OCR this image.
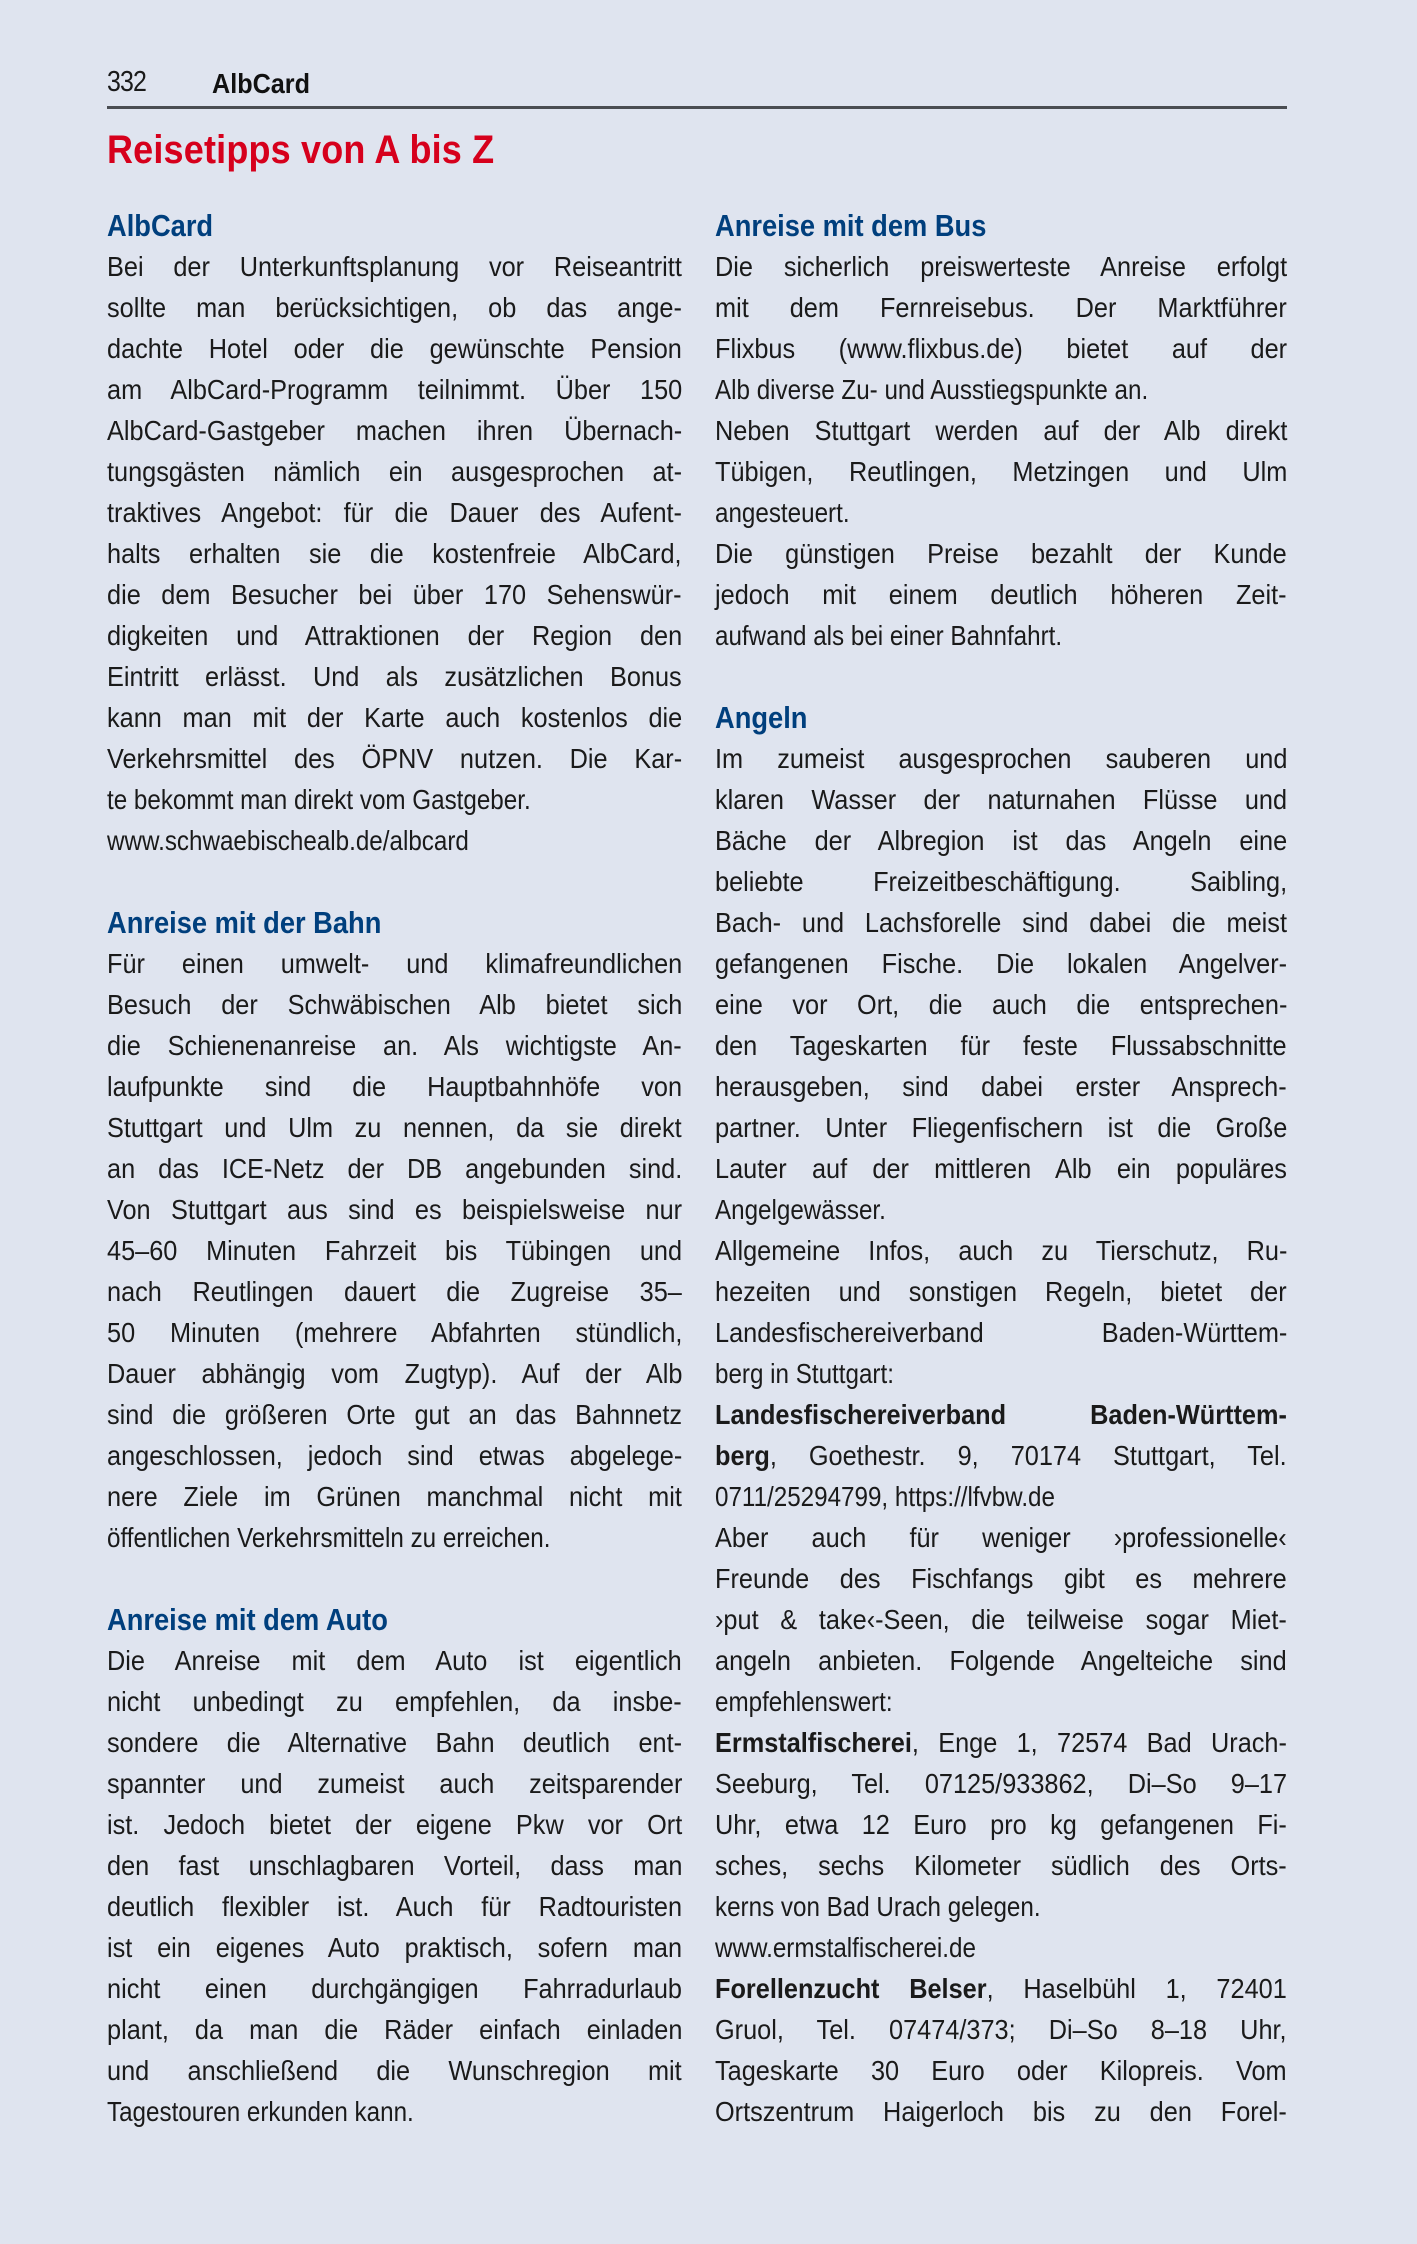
332 AlbCard
Reisetipps von A bis Z
AlbCard
Bei der Unterkunftsplanung vor Reiseantritt
sollte man berücksichtigen, ob das ange-
dachte Hotel oder die gewünschte Pension
am AlbCard-Programm teilnimmt. Über 150
AlbCard-Gastgeber machen ihren Übernach-
tungsgästen nämlich ein ausgesprochen at-
traktives Angebot: für die Dauer des Aufent-
halts erhalten sie die kostenfreie AlbCard,
die dem Besucher bei über 170 Sehenswür-
digkeiten und Attraktionen der Region den
Eintritt erlässt. Und als zusätzlichen Bonus
kann man mit der Karte auch kostenlos die
Verkehrsmittel des ÖPNV nutzen. Die Kar-
te bekommt man direkt vom Gastgeber.
www.schwaebischealb.de/albcard
Anreise mit der Bahn
Für einen umwelt- und klimafreundlichen
Besuch der Schwäbischen Alb bietet sich
die Schienenanreise an. Als wichtigste An-
laufpunkte sind die Hauptbahnhöfe von
Stuttgart und Ulm zu nennen, da sie direkt
an das ICE-Netz der DB angebunden sind.
Von Stuttgart aus sind es beispielsweise nur
45–60 Minuten Fahrzeit bis Tübingen und
nach Reutlingen dauert die Zugreise 35–
50 Minuten (mehrere Abfahrten stündlich,
Dauer abhängig vom Zugtyp). Auf der Alb
sind die größeren Orte gut an das Bahnnetz
angeschlossen, jedoch sind etwas abgelege-
nere Ziele im Grünen manchmal nicht mit
öffentlichen Verkehrsmitteln zu erreichen.
Anreise mit dem Auto
Die Anreise mit dem Auto ist eigentlich
nicht unbedingt zu empfehlen, da insbe-
sondere die Alternative Bahn deutlich ent-
spannter und zumeist auch zeitsparender
ist. Jedoch bietet der eigene Pkw vor Ort
den fast unschlagbaren Vorteil, dass man
deutlich flexibler ist. Auch für Radtouristen
ist ein eigenes Auto praktisch, sofern man
nicht einen durchgängigen Fahrradurlaub
plant, da man die Räder einfach einladen
und anschließend die Wunschregion mit
Tagestouren erkunden kann.
Anreise mit dem Bus
Die sicherlich preiswerteste Anreise erfolgt
mit dem Fernreisebus. Der Marktführer
Flixbus (www.flixbus.de) bietet auf der
Alb diverse Zu- und Ausstiegspunkte an.
Neben Stuttgart werden auf der Alb direkt
Tübigen, Reutlingen, Metzingen und Ulm
angesteuert.
Die günstigen Preise bezahlt der Kunde
jedoch mit einem deutlich höheren Zeit-
aufwand als bei einer Bahnfahrt.
Angeln
Im zumeist ausgesprochen sauberen und
klaren Wasser der naturnahen Flüsse und
Bäche der Albregion ist das Angeln eine
beliebte Freizeitbeschäftigung. Saibling,
Bach- und Lachsforelle sind dabei die meist
gefangenen Fische. Die lokalen Angelver-
eine vor Ort, die auch die entsprechen-
den Tageskarten für feste Flussabschnitte
herausgeben, sind dabei erster Ansprech-
partner. Unter Fliegenfischern ist die Große
Lauter auf der mittleren Alb ein populäres
Angelgewässer.
Allgemeine Infos, auch zu Tierschutz, Ru-
hezeiten und sonstigen Regeln, bietet der
Landesfischereiverband Baden-Württem-
berg in Stuttgart:
Landesfischereiverband Baden-Württem-
berg, Goethestr. 9, 70174 Stuttgart, Tel.
0711/25294799, https://lfvbw.de
Aber auch für weniger ›professionelle‹
Freunde des Fischfangs gibt es mehrere
›put & take‹-Seen, die teilweise sogar Miet-
angeln anbieten. Folgende Angelteiche sind
empfehlenswert:
Ermstalfischerei, Enge 1, 72574 Bad Urach-
Seeburg, Tel. 07125/933862, Di–So 9–17
Uhr, etwa 12 Euro pro kg gefangenen Fi-
sches, sechs Kilometer südlich des Orts-
kerns von Bad Urach gelegen.
www.ermstalfischerei.de
Forellenzucht Belser, Haselbühl 1, 72401
Gruol, Tel. 07474/373; Di–So 8–18 Uhr,
Tageskarte 30 Euro oder Kilopreis. Vom
Ortszentrum Haigerloch bis zu den Forel-
